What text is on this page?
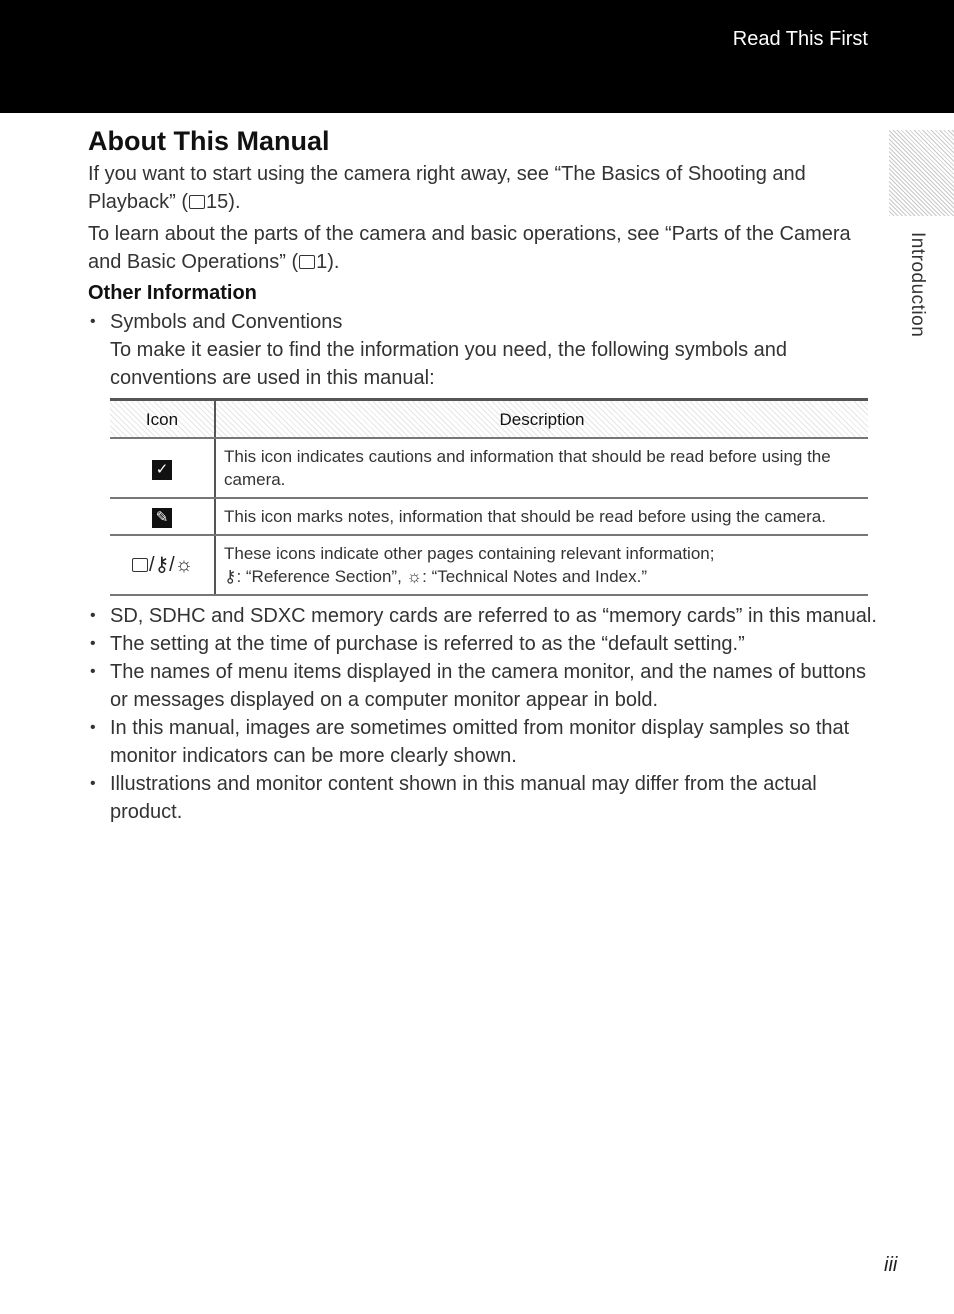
Read This First
Introduction
About This Manual

If you want to start using the camera right away, see “The Basics of Shooting and Playback” ( 15).

To learn about the parts of the camera and basic operations, see “Parts of the Camera and Basic Operations” ( 1).

Other Information
• Symbols and Conventions
To make it easier to find the information you need, the following symbols and conventions are used in this manual:
Icon	Description
✓	This icon indicates cautions and information that should be read before using the camera.
✎	This icon marks notes, information that should be read before using the camera.
/⚷/☼	These icons indicate other pages containing relevant information;
⚷: “Reference Section”, ☼: “Technical Notes and Index.”
• SD, SDHC and SDXC memory cards are referred to as “memory cards” in this manual.
• The setting at the time of purchase is referred to as the “default setting.”
• The names of menu items displayed in the camera monitor, and the names of buttons or messages displayed on a computer monitor appear in bold.
• In this manual, images are sometimes omitted from monitor display samples so that monitor indicators can be more clearly shown.
• Illustrations and monitor content shown in this manual may differ from the actual product.
iii
